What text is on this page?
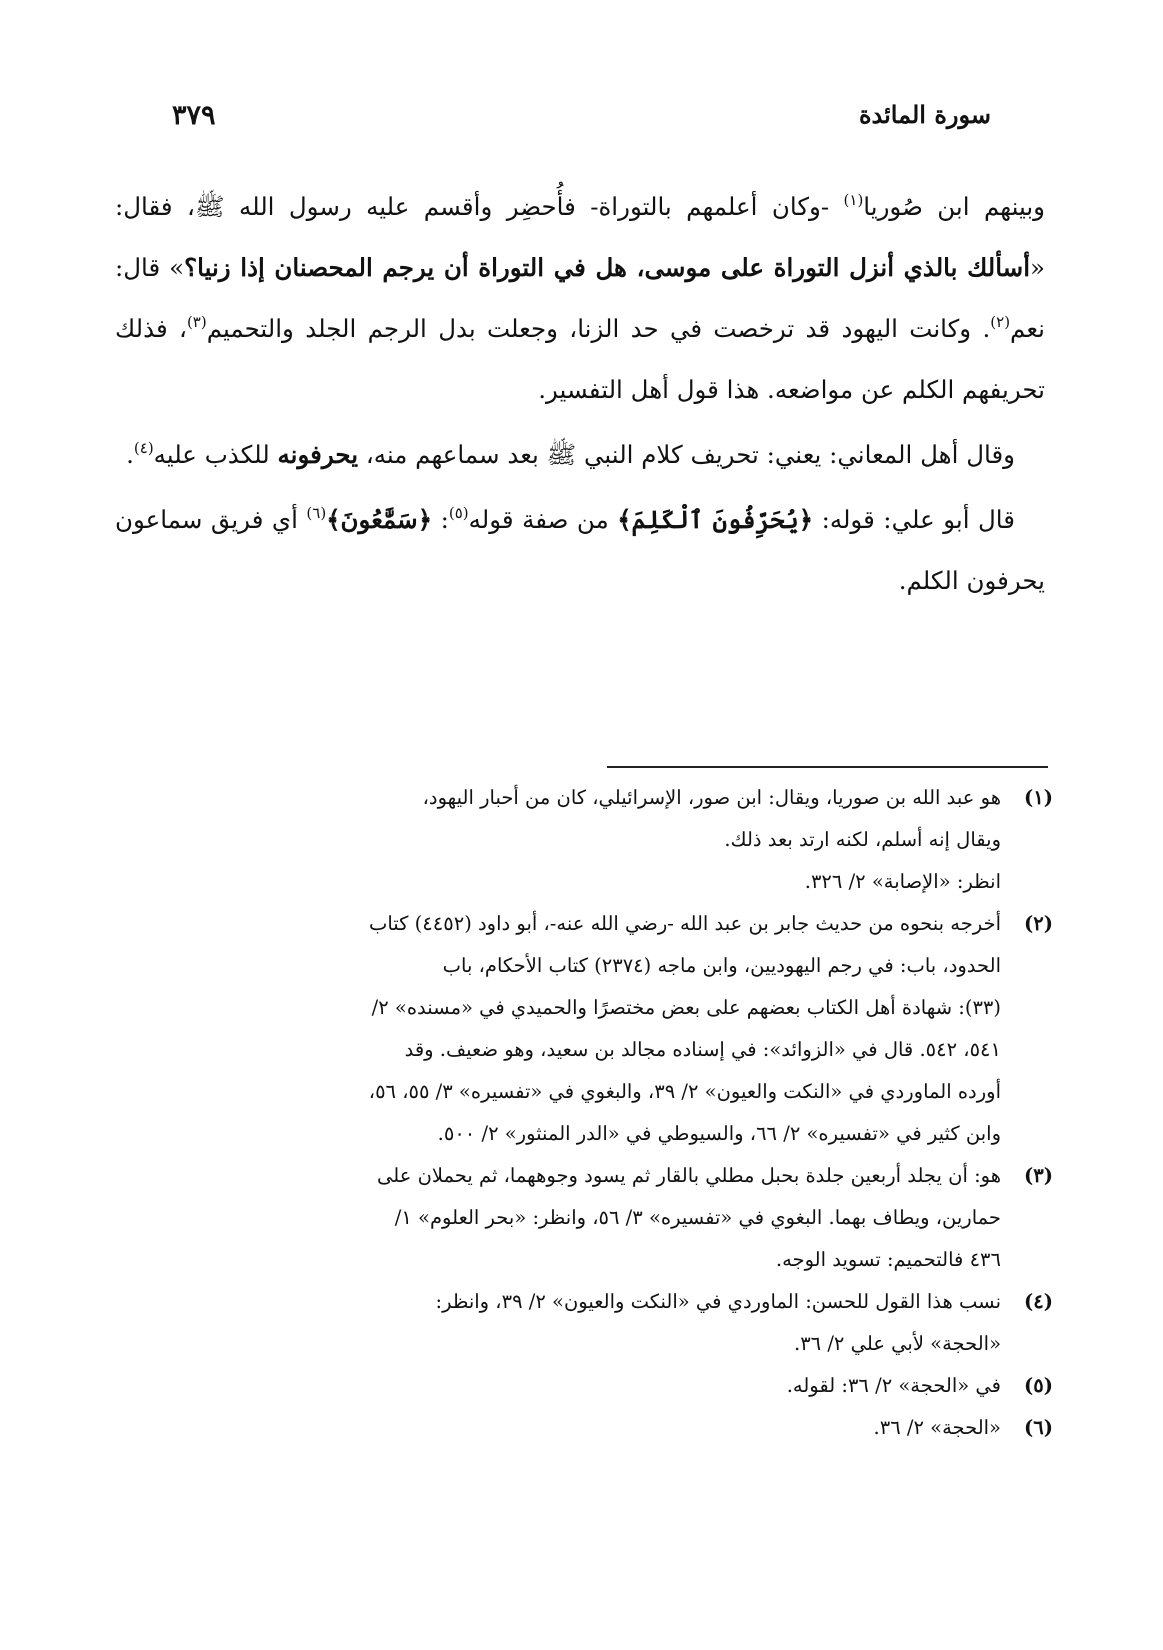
سورة المائدة
٣٧٩

وبينهم ابن صُوريا$^{(١)}$ -وكان أعلمهم بالتوراة- فأُحضِر وأقسم عليه رسول الله ﷺ، فقال: «أسألك بالذي أنزل التوراة على موسى، هل في التوراة أن يرجم المحصنان إذا زنيا؟» قال: نعم$^{(٢)}$. وكانت اليهود قد ترخصت في حد الزنا، وجعلت بدل الرجم الجلد والتحميم$^{(٣)}$، فذلك تحريفهم الكلم عن مواضعه. هذا قول أهل التفسير.

وقال أهل المعاني: يعني: تحريف كلام النبي ﷺ بعد سماعهم منه، يحرفونه للكذب عليه$^{(٤)}$.

قال أبو علي: قوله: ﴿يُحَرِّفُونَ ٱلْكَلِمَ﴾ من صفة قوله$^{(٥)}$: ﴿سَمَّٰعُونَ﴾$^{(٦)}$ أي فريق سماعون يحرفون الكلم.

(١)
هو عبد الله بن صوريا، ويقال: ابن صور، الإسرائيلي، كان من أحبار اليهود،
ويقال إنه أسلم، لكنه ارتد بعد ذلك.
انظر: «الإصابة» ٢/ ٣٢٦.
(٢)
أخرجه بنحوه من حديث جابر بن عبد الله -رضي الله عنه-، أبو داود (٤٤٥٢) كتاب
الحدود، باب: في رجم اليهوديين، وابن ماجه (٢٣٧٤) كتاب الأحكام، باب
(٣٣): شهادة أهل الكتاب بعضهم على بعض مختصرًا والحميدي في «مسنده» ٢/
٥٤١، ٥٤٢. قال في «الزوائد»: في إسناده مجالد بن سعيد، وهو ضعيف. وقد
أورده الماوردي في «النكت والعيون» ٢/ ٣٩، والبغوي في «تفسيره» ٣/ ٥٥، ٥٦،
وابن كثير في «تفسيره» ٢/ ٦٦، والسيوطي في «الدر المنثور» ٢/ ٥٠٠.
(٣)
هو: أن يجلد أربعين جلدة بحبل مطلي بالقار ثم يسود وجوههما، ثم يحملان على
حمارين، ويطاف بهما. البغوي في «تفسيره» ٣/ ٥٦، وانظر: «بحر العلوم» ١/
٤٣٦ فالتحميم: تسويد الوجه.
(٤)
نسب هذا القول للحسن: الماوردي في «النكت والعيون» ٢/ ٣٩، وانظر:
«الحجة» لأبي علي ٢/ ٣٦.
(٥)
في «الحجة» ٢/ ٣٦: لقوله.
(٦)
«الحجة» ٢/ ٣٦.
